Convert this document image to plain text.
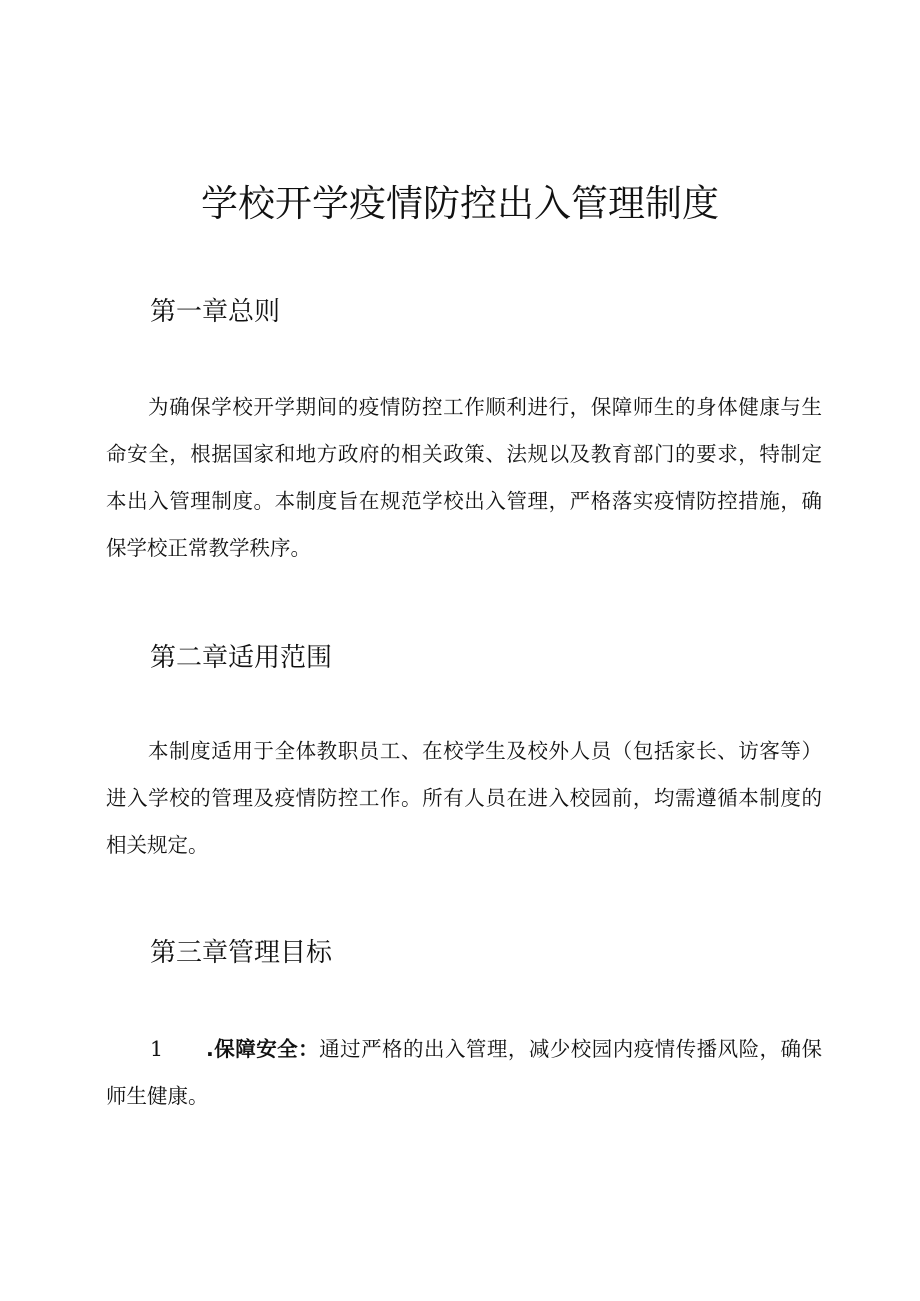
学校开学疫情防控出入管理制度
第一章总则
为确保学校开学期间的疫情防控工作顺利进行，保障师生的身体健康与生命安全，根据国家和地方政府的相关政策、法规以及教育部门的要求，特制定本出入管理制度。本制度旨在规范学校出入管理，严格落实疫情防控措施，确保学校正常教学秩序。
第二章适用范围
本制度适用于全体教职员工、在校学生及校外人员（包括家长、访客等）进入学校的管理及疫情防控工作。所有人员在进入校园前，均需遵循本制度的相关规定。
第三章管理目标
1 .保障安全：通过严格的出入管理，减少校园内疫情传播风险，确保师生健康。
